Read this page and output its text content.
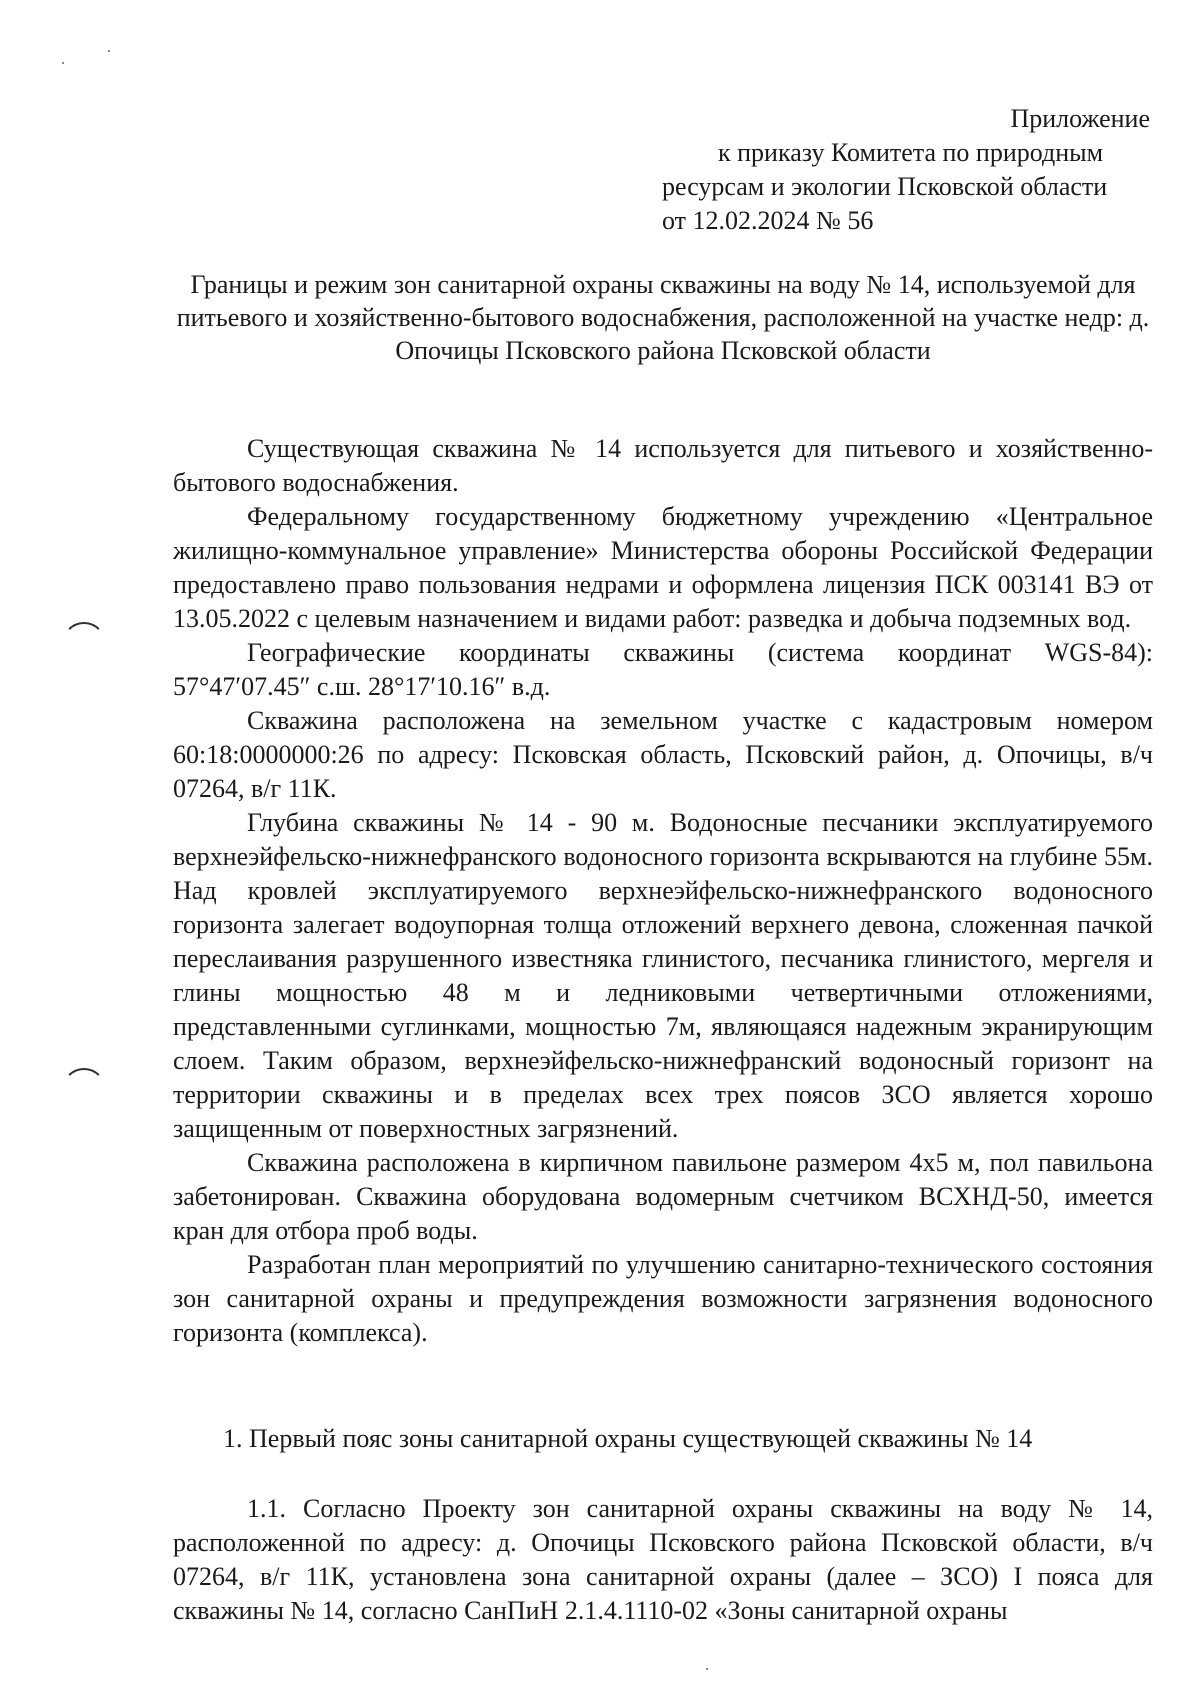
Приложение
к приказу Комитета по природным
ресурсам и экологии Псковской области
от 12.02.2024 № 56
Границы и режим зон санитарной охраны скважины на воду № 14, используемой для питьевого и хозяйственно-бытового водоснабжения, расположенной на участке недр: д. Опочицы Псковского района Псковской области

Существующая скважина № 14 используется для питьевого и хозяйственно-бытового водоснабжения.

Федеральному государственному бюджетному учреждению «Центральное жилищно-коммунальное управление» Министерства обороны Российской Федерации предоставлено право пользования недрами и оформлена лицензия ПСК 003141 ВЭ от 13.05.2022 с целевым назначением и видами работ: разведка и добыча подземных вод.

Географические координаты скважины (система координат WGS-84): 57°47′07.45″ с.ш. 28°17′10.16″ в.д.

Скважина расположена на земельном участке с кадастровым номером 60:18:0000000:26 по адресу: Псковская область, Псковский район, д. Опочицы, в/ч 07264, в/г 11К.

Глубина скважины № 14 - 90 м. Водоносные песчаники эксплуатируемого верхнеэйфельско-нижнефранского водоносного горизонта вскрываются на глубине 55м. Над кровлей эксплуатируемого верхнеэйфельско-нижнефранского водоносного горизонта залегает водоупорная толща отложений верхнего девона, сложенная пачкой переслаивания разрушенного известняка глинистого, песчаника глинистого, мергеля и глины мощностью 48 м и ледниковыми четвертичными отложениями, представленными суглинками, мощностью 7м, являющаяся надежным экранирующим слоем. Таким образом, верхнеэйфельско-нижнефранский водоносный горизонт на территории скважины и в пределах всех трех поясов ЗСО является хорошо защищенным от поверхностных загрязнений.

Скважина расположена в кирпичном павильоне размером 4х5 м, пол павильона забетонирован. Скважина оборудована водомерным счетчиком ВСХНД-50, имеется кран для отбора проб воды.

Разработан план мероприятий по улучшению санитарно-технического состояния зон санитарной охраны и предупреждения возможности загрязнения водоносного горизонта (комплекса).

1. Первый пояс зоны санитарной охраны существующей скважины № 14

1.1. Согласно Проекту зон санитарной охраны скважины на воду № 14, расположенной по адресу: д. Опочицы Псковского района Псковской области, в/ч 07264, в/г 11К, установлена зона санитарной охраны (далее – ЗСО) I пояса для скважины № 14, согласно СанПиН 2.1.4.1110-02 «Зоны санитарной охраны
